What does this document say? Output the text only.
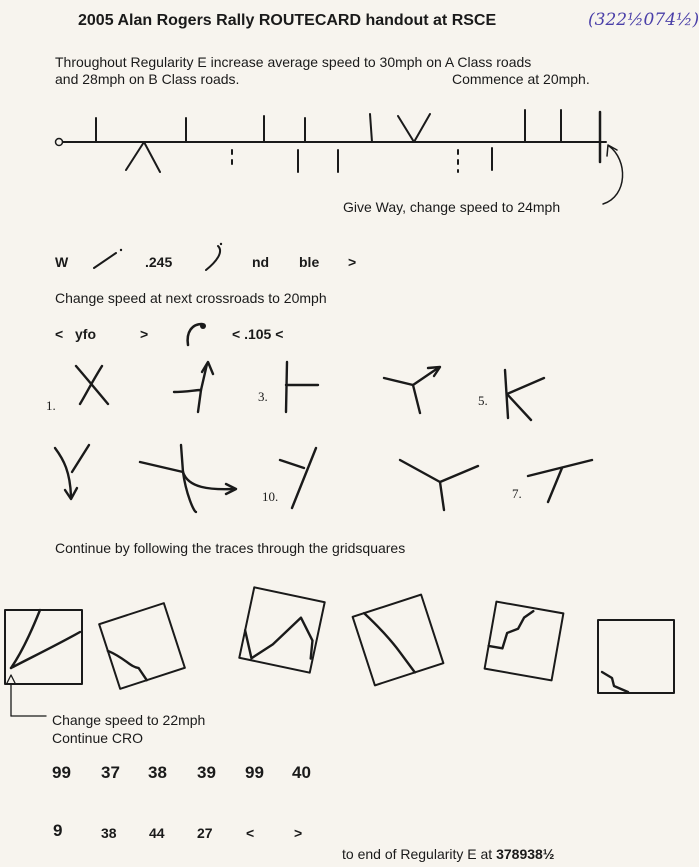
2005 Alan Rogers Rally ROUTECARD handout at RSCE	(322½074½)
Throughout Regularity E increase average speed to 30mph on A Class roads
and 28mph on B Class roads.	Commence at 20mph.
Give Way, change speed to 24mph
W	.245	nd ble >
Change speed at next crossroads to 20mph
< yfo	>	< .105 <
1.
3.	5.
10.	7.
Continue by following the traces through the gridsquares
Change speed to 22mph
Continue CRO
99 37 38 39 99 40
9	38 44 27 <	>
to end of Regularity E at 378938½
